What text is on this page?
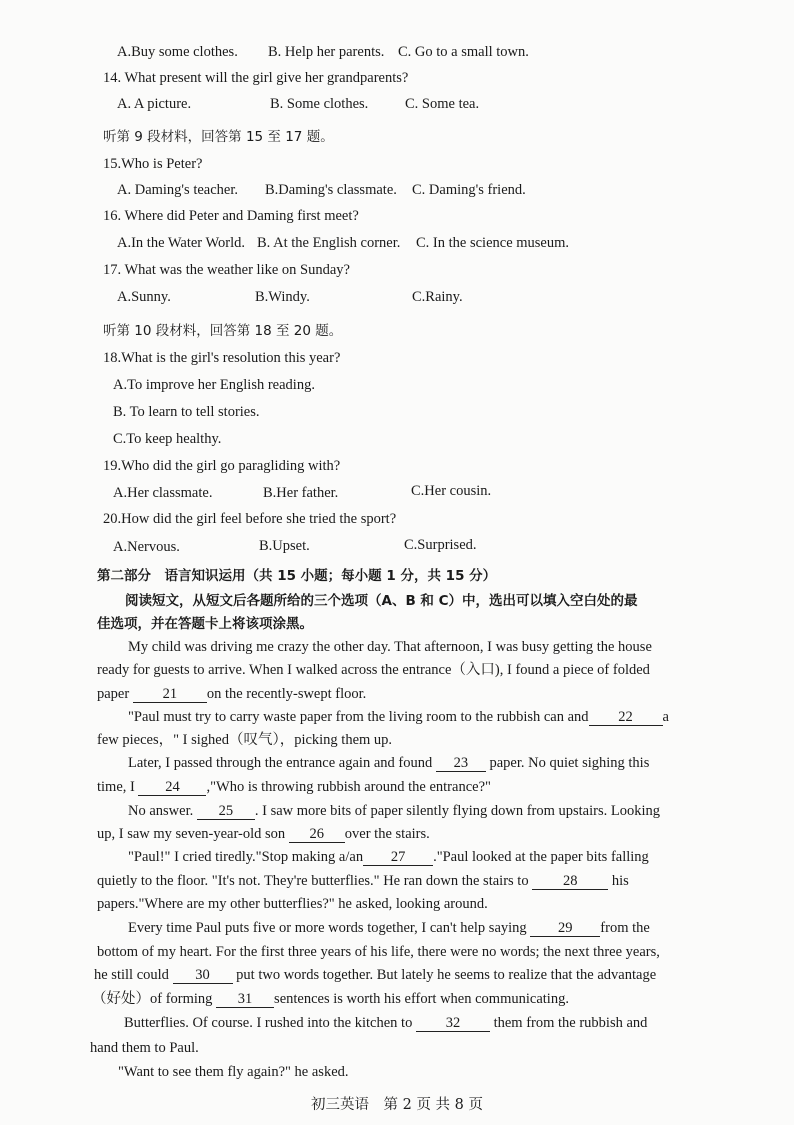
A.Buy some clothes. B. Help her parents. C. Go to a small town.
14. What present will the girl give her grandparents?
A. A picture.	B. Some clothes.	C. Some tea.
听第 9 段材料，回答第 15 至 17 题。
15.Who is Peter?
A. Daming's teacher. B.Daming's classmate. C. Daming's friend.
16. Where did Peter and Daming first meet?
A.In the Water World. B. At the English corner. C. In the science museum.
17. What was the weather like on Sunday?
A.Sunny.	B.Windy.	C.Rainy.
听第 10 段材料，回答第 18 至 20 题。
18.What is the girl's resolution this year?
A.To improve her English reading.
B. To learn to tell stories.
C.To keep healthy.
19.Who did the girl go paragliding with?
A.Her classmate.	B.Her father.	C.Her cousin.
20.How did the girl feel before she tried the sport?
A.Nervous.	B.Upset.	C.Surprised.
第二部分　语言知识运用（共 15 小题；每小题 1 分，共 15 分）
阅读短文，从短文后各题所给的三个选项（A、B 和 C）中，选出可以填入空白处的最
佳选项，并在答题卡上将该项涂黑。
My child was driving me crazy the other day. That afternoon, I was busy getting the house
ready for guests to arrive. When I walked across the entrance（入口), I found a piece of folded
paper 21 on the recently-swept floor.
"Paul must try to carry waste paper from the living room to the rubbish can and 22 a
few pieces，" I sighed（叹气），picking them up.
Later, I passed through the entrance again and found 23 paper. No quiet sighing this
time, I 24 ,"Who is throwing rubbish around the entrance?"
No answer. 25 . I saw more bits of paper silently flying down from upstairs. Looking
up, I saw my seven-year-old son 26 over the stairs.
"Paul!" I cried tiredly."Stop making a/an 27 ."Paul looked at the paper bits falling
quietly to the floor. "It's not. They're butterflies." He ran down the stairs to 28 his
papers."Where are my other butterflies?" he asked, looking around.
Every time Paul puts five or more words together, I can't help saying 29 from the
bottom of my heart. For the first three years of his life, there were no words; the next three years,
he still could 30 put two words together. But lately he seems to realize that the advantage
（好处）of forming 31 sentences is worth his effort when communicating.
Butterflies. Of course. I rushed into the kitchen to 32 them from the rubbish and
hand them to Paul.
"Want to see them fly again?" he asked.
初三英语　第 2 页 共 8 页
